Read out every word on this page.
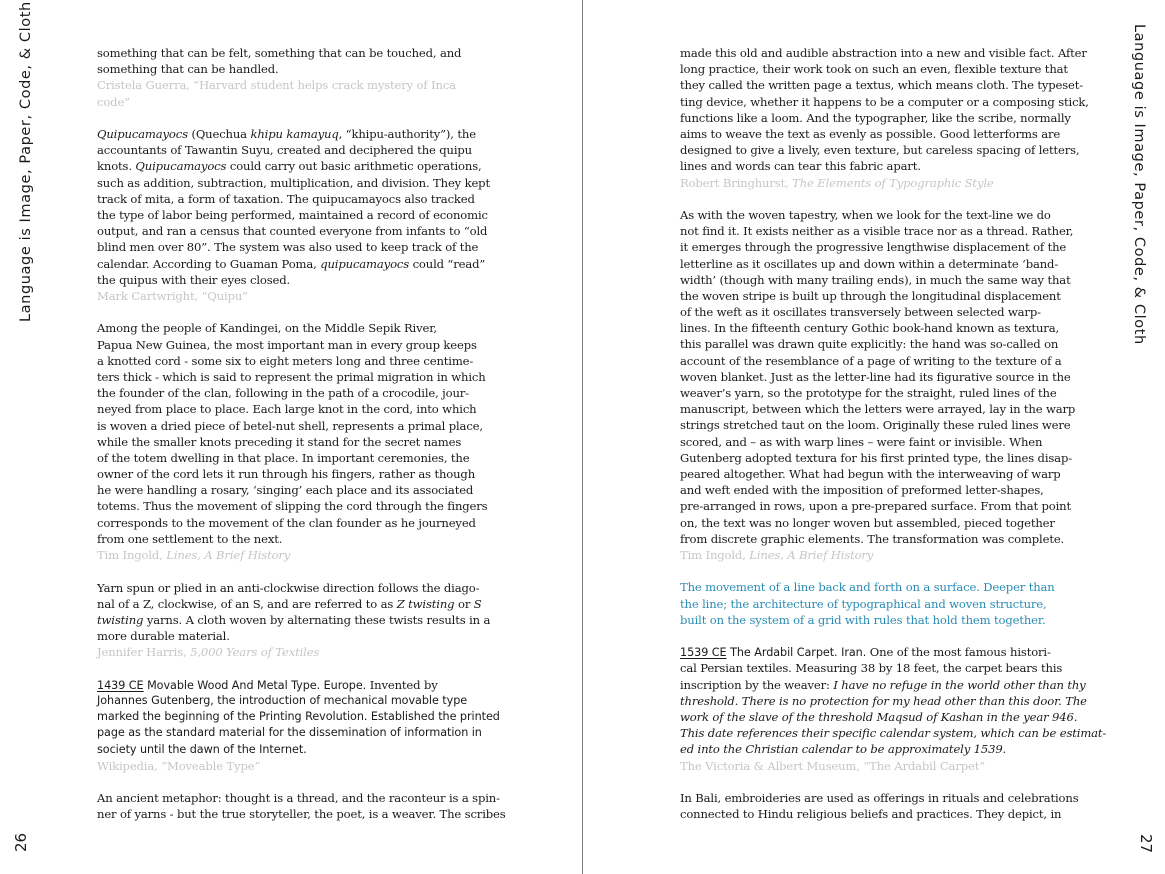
Language is Image, Paper, Code, & Cloth
26
something that can be felt, something that can be touched, and
something that can be handled.
Cristela Guerra, “Harvard student helps crack mystery of Inca
code”
Quipucamayocs (Quechua khipu kamayuq, “khipu-authority”), the
accountants of Tawantin Suyu, created and deciphered the quipu
knots. Quipucamayocs could carry out basic arithmetic operations,
such as addition, subtraction, multiplication, and division. They kept
track of mita, a form of taxation. The quipucamayocs also tracked
the type of labor being performed, maintained a record of economic
output, and ran a census that counted everyone from infants to “old
blind men over 80”. The system was also used to keep track of the
calendar. According to Guaman Poma, quipucamayocs could “read”
the quipus with their eyes closed.
Mark Cartwright, “Quipu”
Among the people of Kandingei, on the Middle Sepik River,
Papua New Guinea, the most important man in every group keeps
a knotted cord - some six to eight meters long and three centime-
ters thick - which is said to represent the primal migration in which
the founder of the clan, following in the path of a crocodile, jour-
neyed from place to place. Each large knot in the cord, into which
is woven a dried piece of betel-nut shell, represents a primal place,
while the smaller knots preceding it stand for the secret names
of the totem dwelling in that place. In important ceremonies, the
owner of the cord lets it run through his fingers, rather as though
he were handling a rosary, ‘singing’ each place and its associated
totems. Thus the movement of slipping the cord through the fingers
corresponds to the movement of the clan founder as he journeyed
from one settlement to the next.
Tim Ingold, Lines, A Brief History
Yarn spun or plied in an anti-clockwise direction follows the diago-
nal of a Z, clockwise, of an S, and are referred to as Z twisting or S
twisting yarns. A cloth woven by alternating these twists results in a
more durable material.
Jennifer Harris, 5,000 Years of Textiles
1439 CE Movable Wood And Metal Type. Europe. Invented by
Johannes Gutenberg, the introduction of mechanical movable type
marked the beginning of the Printing Revolution. Established the printed
page as the standard material for the dissemination of information in
society until the dawn of the Internet.
Wikipedia, “Moveable Type”
An ancient metaphor: thought is a thread, and the raconteur is a spin-
ner of yarns - but the true storyteller, the poet, is a weaver. The scribes
Language is Image, Paper, Code, & Cloth
27
made this old and audible abstraction into a new and visible fact. After
long practice, their work took on such an even, flexible texture that
they called the written page a textus, which means cloth. The typeset-
ting device, whether it happens to be a computer or a composing stick,
functions like a loom. And the typographer, like the scribe, normally
aims to weave the text as evenly as possible. Good letterforms are
designed to give a lively, even texture, but careless spacing of letters,
lines and words can tear this fabric apart.
Robert Bringhurst, The Elements of Typographic Style
As with the woven tapestry, when we look for the text-line we do
not find it. It exists neither as a visible trace nor as a thread. Rather,
it emerges through the progressive lengthwise displacement of the
letterline as it oscillates up and down within a determinate ‘band-
width’ (though with many trailing ends), in much the same way that
the woven stripe is built up through the longitudinal displacement
of the weft as it oscillates transversely between selected warp-
lines. In the fifteenth century Gothic book-hand known as textura,
this parallel was drawn quite explicitly: the hand was so-called on
account of the resemblance of a page of writing to the texture of a
woven blanket. Just as the letter-line had its figurative source in the
weaver’s yarn, so the prototype for the straight, ruled lines of the
manuscript, between which the letters were arrayed, lay in the warp
strings stretched taut on the loom. Originally these ruled lines were
scored, and – as with warp lines – were faint or invisible. When
Gutenberg adopted textura for his first printed type, the lines disap-
peared altogether. What had begun with the interweaving of warp
and weft ended with the imposition of preformed letter-shapes,
pre-arranged in rows, upon a pre-prepared surface. From that point
on, the text was no longer woven but assembled, pieced together
from discrete graphic elements. The transformation was complete.
Tim Ingold, Lines, A Brief History
The movement of a line back and forth on a surface. Deeper than
the line; the architecture of typographical and woven structure,
built on the system of a grid with rules that hold them together.
1539 CE The Ardabil Carpet. Iran. One of the most famous histori-
cal Persian textiles. Measuring 38 by 18 feet, the carpet bears this
inscription by the weaver: I have no refuge in the world other than thy
threshold. There is no protection for my head other than this door. The
work of the slave of the threshold Maqsud of Kashan in the year 946.
This date references their specific calendar system, which can be estimat-
ed into the Christian calendar to be approximately 1539.
The Victoria & Albert Museum, “The Ardabil Carpet”
In Bali, embroideries are used as offerings in rituals and celebrations
connected to Hindu religious beliefs and practices. They depict, in
